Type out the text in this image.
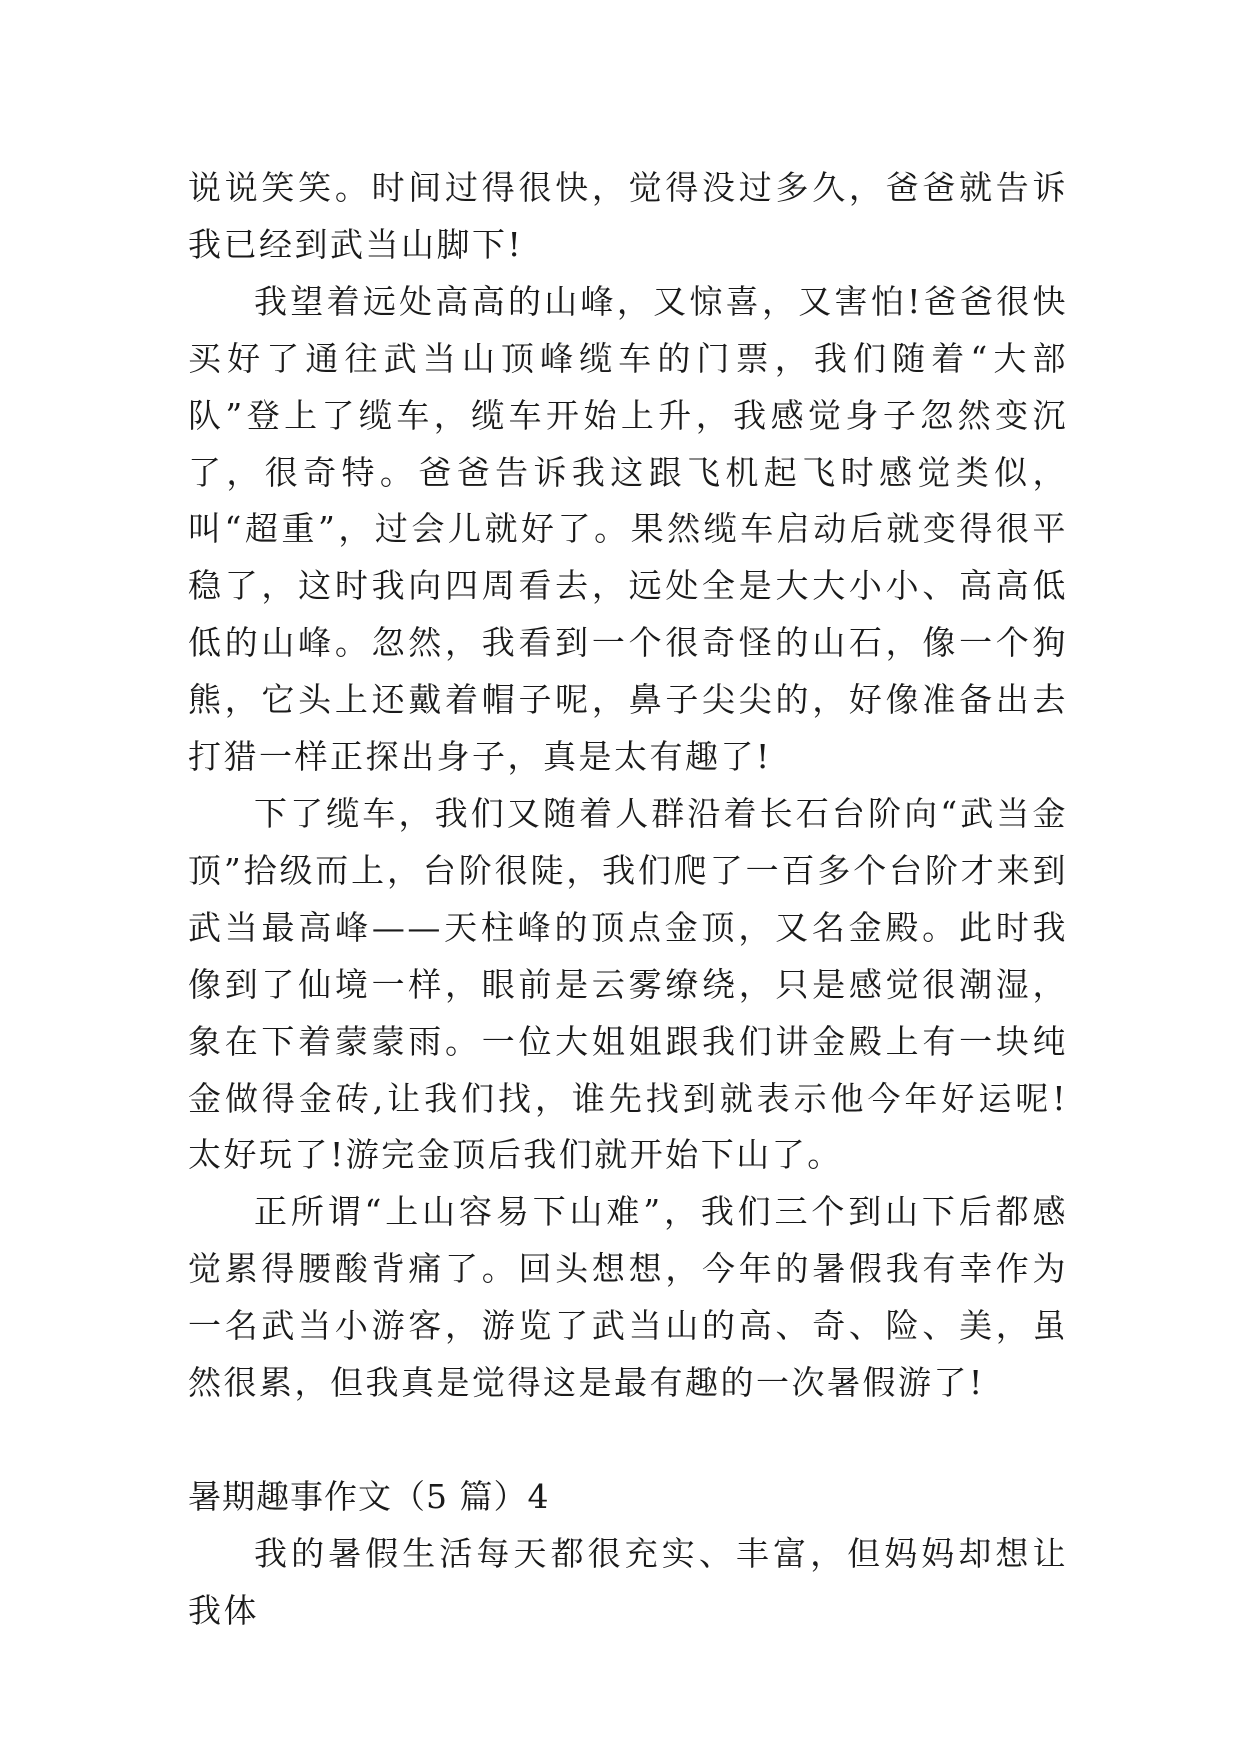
说说笑笑。时间过得很快，觉得没过多久，爸爸就告诉我已经到武当山脚下!

我望着远处高高的山峰，又惊喜，又害怕!爸爸很快买好了通往武当山顶峰缆车的门票，我们随着“大部队”登上了缆车，缆车开始上升，我感觉身子忽然变沉了，很奇特。爸爸告诉我这跟飞机起飞时感觉类似，叫“超重”，过会儿就好了。果然缆车启动后就变得很平稳了，这时我向四周看去，远处全是大大小小、高高低低的山峰。忽然，我看到一个很奇怪的山石，像一个狗熊，它头上还戴着帽子呢，鼻子尖尖的，好像准备出去打猎一样正探出身子，真是太有趣了!

下了缆车，我们又随着人群沿着长石台阶向“武当金顶”拾级而上，台阶很陡，我们爬了一百多个台阶才来到武当最高峰——天柱峰的顶点金顶，又名金殿。此时我像到了仙境一样，眼前是云雾缭绕，只是感觉很潮湿，象在下着蒙蒙雨。一位大姐姐跟我们讲金殿上有一块纯金做得金砖,让我们找，谁先找到就表示他今年好运呢!太好玩了!游完金顶后我们就开始下山了。

正所谓“上山容易下山难”，我们三个到山下后都感觉累得腰酸背痛了。回头想想，今年的暑假我有幸作为一名武当小游客，游览了武当山的高、奇、险、美，虽然很累，但我真是觉得这是最有趣的一次暑假游了!

暑期趣事作文（5 篇）4

我的暑假生活每天都很充实、丰富，但妈妈却想让我体
